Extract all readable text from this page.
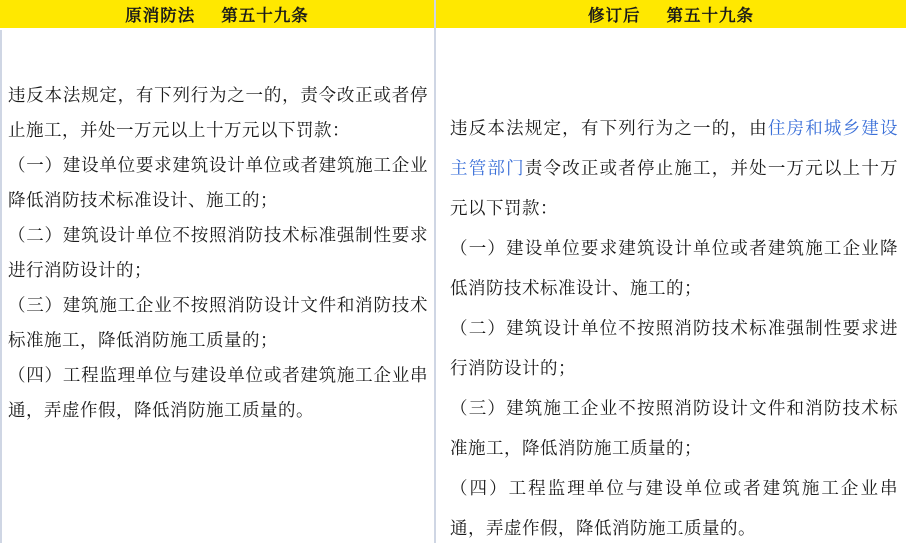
原消防法 第五十九条

违反本法规定，有下列行为之一的，责令改正或者停止施工，并处一万元以上十万元以下罚款：

（一）建设单位要求建筑设计单位或者建筑施工企业降低消防技术标准设计、施工的；

（二）建筑设计单位不按照消防技术标准强制性要求进行消防设计的；

（三）建筑施工企业不按照消防设计文件和消防技术标准施工，降低消防施工质量的；

（四）工程监理单位与建设单位或者建筑施工企业串通，弄虚作假，降低消防施工质量的。

修订后 第五十九条

违反本法规定，有下列行为之一的，由住房和城乡建设主管部门责令改正或者停止施工，并处一万元以上十万元以下罚款：

（一）建设单位要求建筑设计单位或者建筑施工企业降低消防技术标准设计、施工的；

（二）建筑设计单位不按照消防技术标准强制性要求进行消防设计的；

（三）建筑施工企业不按照消防设计文件和消防技术标准施工，降低消防施工质量的；

（四）工程监理单位与建设单位或者建筑施工企业串通，弄虚作假，降低消防施工质量的。
